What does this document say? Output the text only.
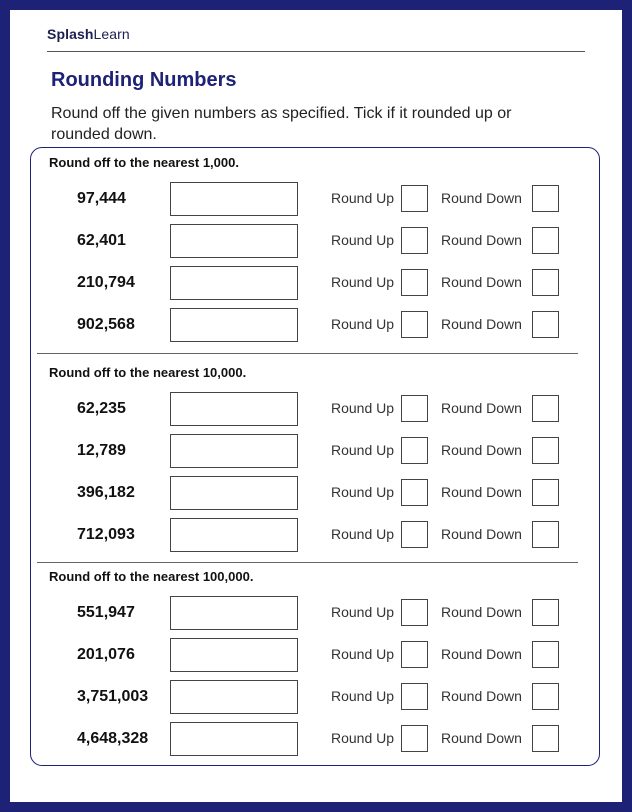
SplashLearn
Rounding Numbers
Round off the given numbers as specified. Tick if it rounded up or rounded down.
Round off to the nearest 1,000.
97,444	Round Up	Round Down
62,401	Round Up	Round Down
210,794	Round Up	Round Down
902,568	Round Up	Round Down
Round off to the nearest 10,000.
62,235	Round Up	Round Down
12,789	Round Up	Round Down
396,182	Round Up	Round Down
712,093	Round Up	Round Down
Round off to the nearest 100,000.
551,947	Round Up	Round Down
201,076	Round Up	Round Down
3,751,003	Round Up	Round Down
4,648,328	Round Up	Round Down
